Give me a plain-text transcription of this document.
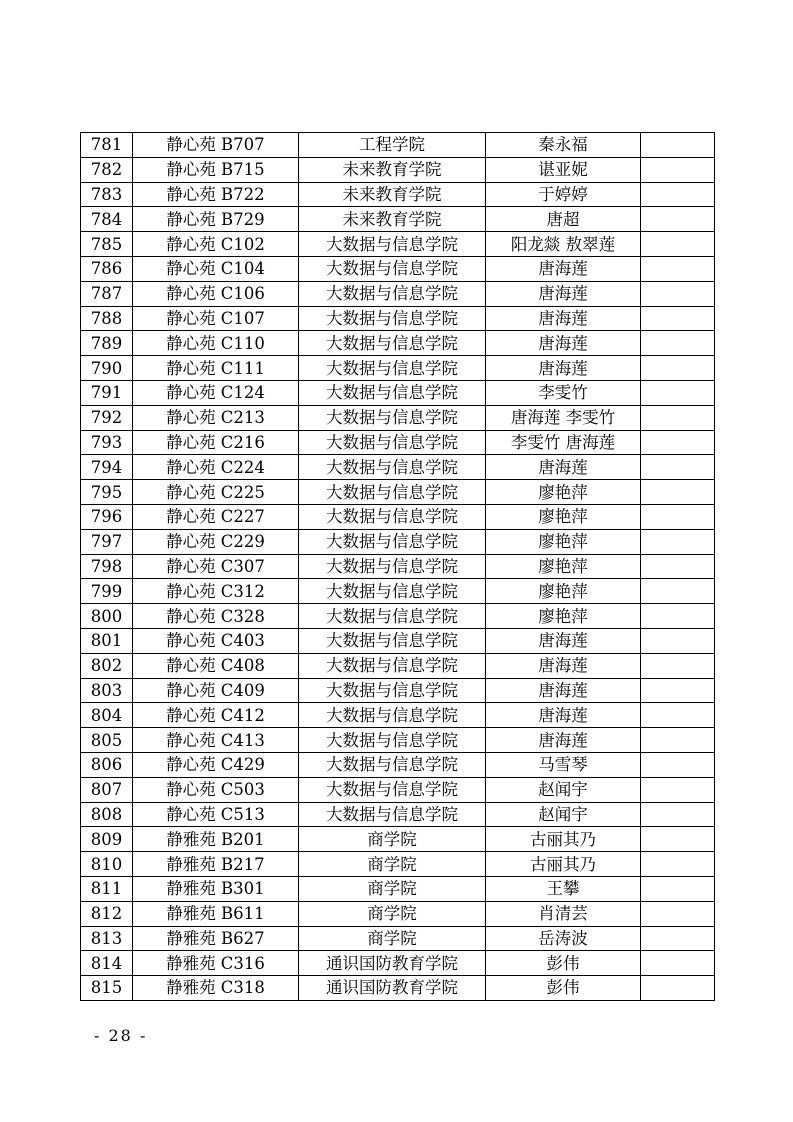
781	静心苑 B707	工程学院	秦永福	
782	静心苑 B715	未来教育学院	谌亚妮	
783	静心苑 B722	未来教育学院	于婷婷	
784	静心苑 B729	未来教育学院	唐超	
785	静心苑 C102	大数据与信息学院	阳龙燚 敖翠莲	
786	静心苑 C104	大数据与信息学院	唐海莲	
787	静心苑 C106	大数据与信息学院	唐海莲	
788	静心苑 C107	大数据与信息学院	唐海莲	
789	静心苑 C110	大数据与信息学院	唐海莲	
790	静心苑 C111	大数据与信息学院	唐海莲	
791	静心苑 C124	大数据与信息学院	李雯竹	
792	静心苑 C213	大数据与信息学院	唐海莲 李雯竹	
793	静心苑 C216	大数据与信息学院	李雯竹 唐海莲	
794	静心苑 C224	大数据与信息学院	唐海莲	
795	静心苑 C225	大数据与信息学院	廖艳萍	
796	静心苑 C227	大数据与信息学院	廖艳萍	
797	静心苑 C229	大数据与信息学院	廖艳萍	
798	静心苑 C307	大数据与信息学院	廖艳萍	
799	静心苑 C312	大数据与信息学院	廖艳萍	
800	静心苑 C328	大数据与信息学院	廖艳萍	
801	静心苑 C403	大数据与信息学院	唐海莲	
802	静心苑 C408	大数据与信息学院	唐海莲	
803	静心苑 C409	大数据与信息学院	唐海莲	
804	静心苑 C412	大数据与信息学院	唐海莲	
805	静心苑 C413	大数据与信息学院	唐海莲	
806	静心苑 C429	大数据与信息学院	马雪琴	
807	静心苑 C503	大数据与信息学院	赵闻宇	
808	静心苑 C513	大数据与信息学院	赵闻宇	
809	静雅苑 B201	商学院	古丽其乃	
810	静雅苑 B217	商学院	古丽其乃	
811	静雅苑 B301	商学院	王攀	
812	静雅苑 B611	商学院	肖清芸	
813	静雅苑 B627	商学院	岳涛波	
814	静雅苑 C316	通识国防教育学院	彭伟	
815	静雅苑 C318	通识国防教育学院	彭伟	
- 28 -
